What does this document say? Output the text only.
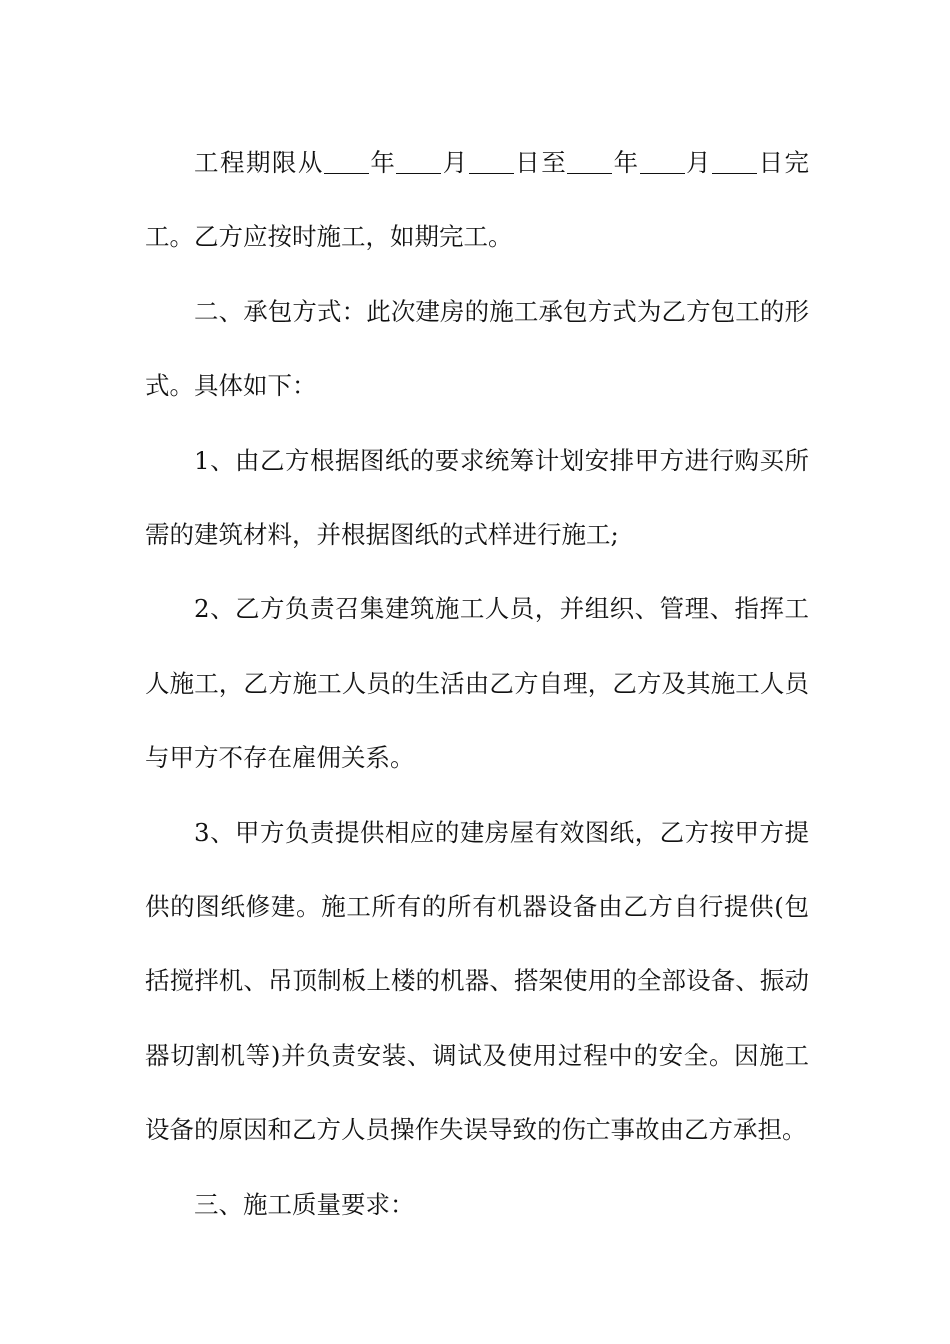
工程期限从 年 月 日至 年 月 日完工。乙方应按时施工，如期完工。

二、承包方式：此次建房的施工承包方式为乙方包工的形式。具体如下：

1、由乙方根据图纸的要求统筹计划安排甲方进行购买所需的建筑材料，并根据图纸的式样进行施工;

2、乙方负责召集建筑施工人员，并组织、管理、指挥工人施工，乙方施工人员的生活由乙方自理，乙方及其施工人员与甲方不存在雇佣关系。

3、甲方负责提供相应的建房屋有效图纸，乙方按甲方提供的图纸修建。施工所有的所有机器设备由乙方自行提供(包括搅拌机、吊顶制板上楼的机器、搭架使用的全部设备、振动器切割机等)并负责安装、调试及使用过程中的安全。因施工设备的原因和乙方人员操作失误导致的伤亡事故由乙方承担。

三、施工质量要求：
